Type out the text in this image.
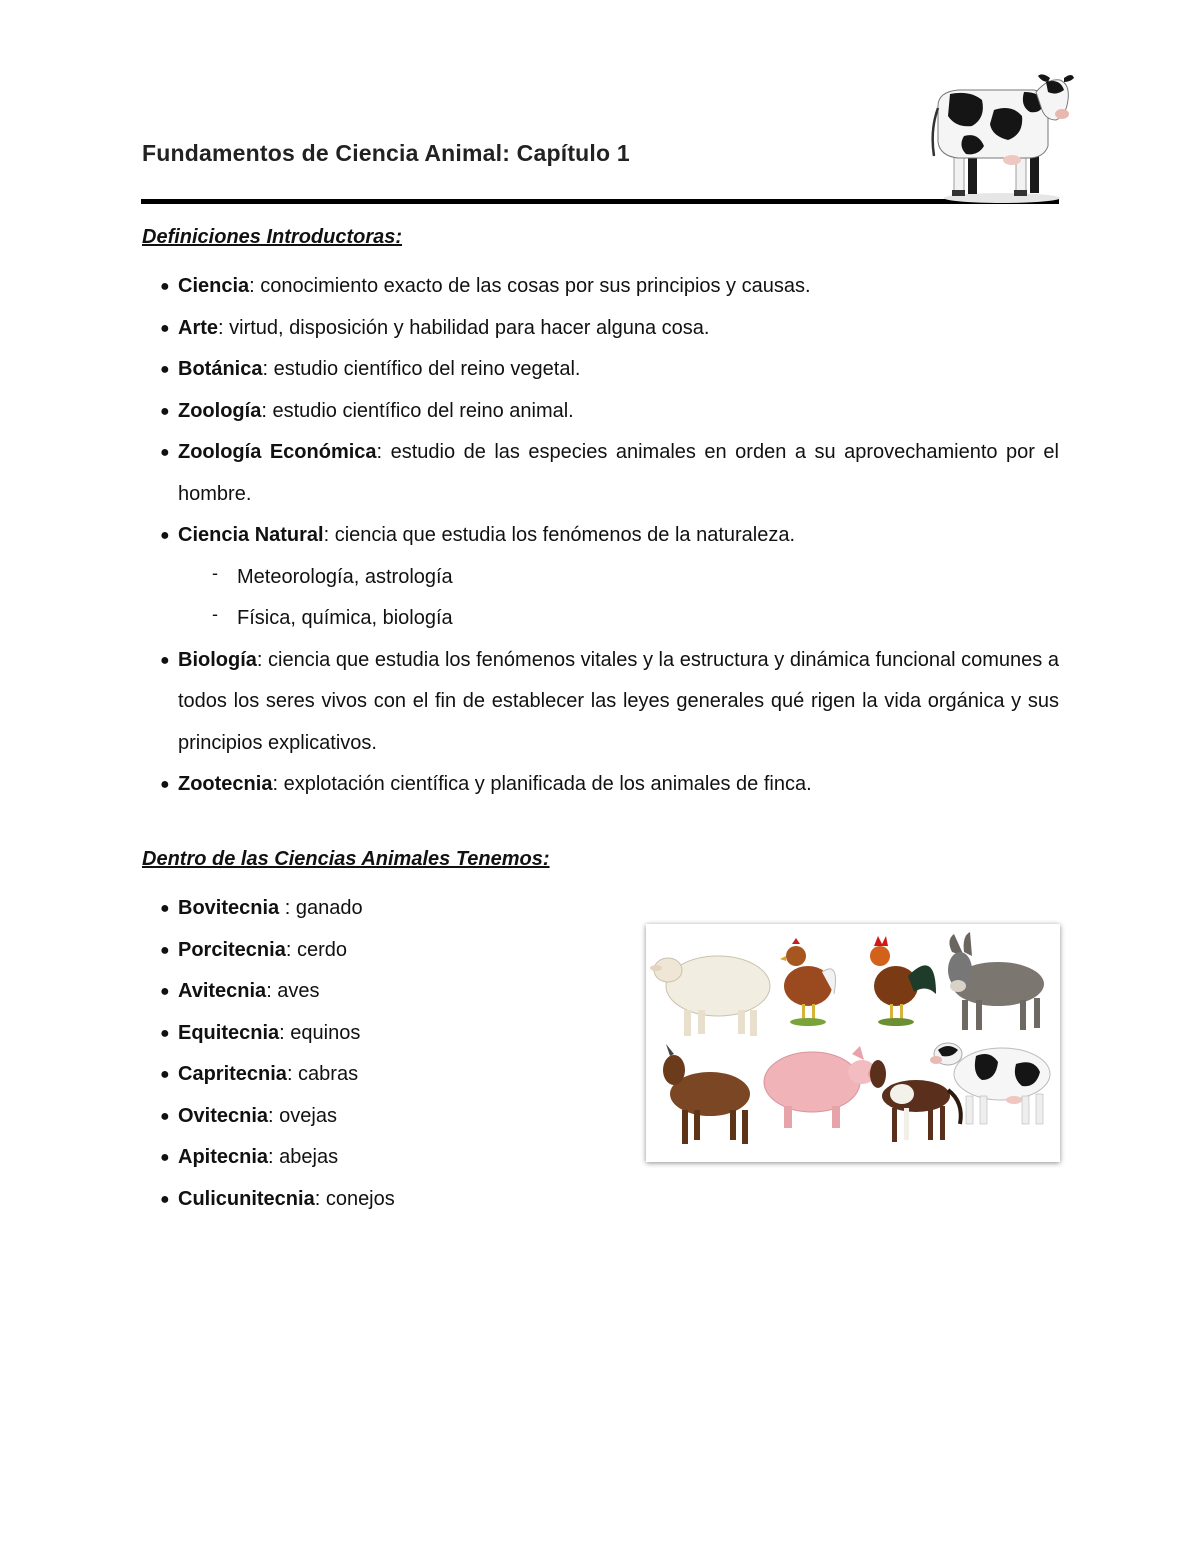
Fundamentos de Ciencia Animal: Capítulo 1
Definiciones Introductoras:
● Ciencia: conocimiento exacto de las cosas por sus principios y causas.
● Arte: virtud, disposición y habilidad para hacer alguna cosa.
● Botánica: estudio científico del reino vegetal.
● Zoología: estudio científico del reino animal.
● Zoología Económica: estudio de las especies animales en orden a su aprovechamiento por el hombre.
● Ciencia Natural: ciencia que estudia los fenómenos de la naturaleza.
- Meteorología, astrología
- Física, química, biología
● Biología: ciencia que estudia los fenómenos vitales y la estructura y dinámica funcional comunes a todos los seres vivos con el fin de establecer las leyes generales qué rigen la vida orgánica y sus principios explicativos.
● Zootecnia: explotación científica y planificada de los animales de finca.
Dentro de las Ciencias Animales Tenemos:
● Bovitecnia : ganado
● Porcitecnia: cerdo
● Avitecnia: aves
● Equitecnia: equinos
● Capritecnia: cabras
● Ovitecnia: ovejas
● Apitecnia: abejas
● Culicunitecnia: conejos
